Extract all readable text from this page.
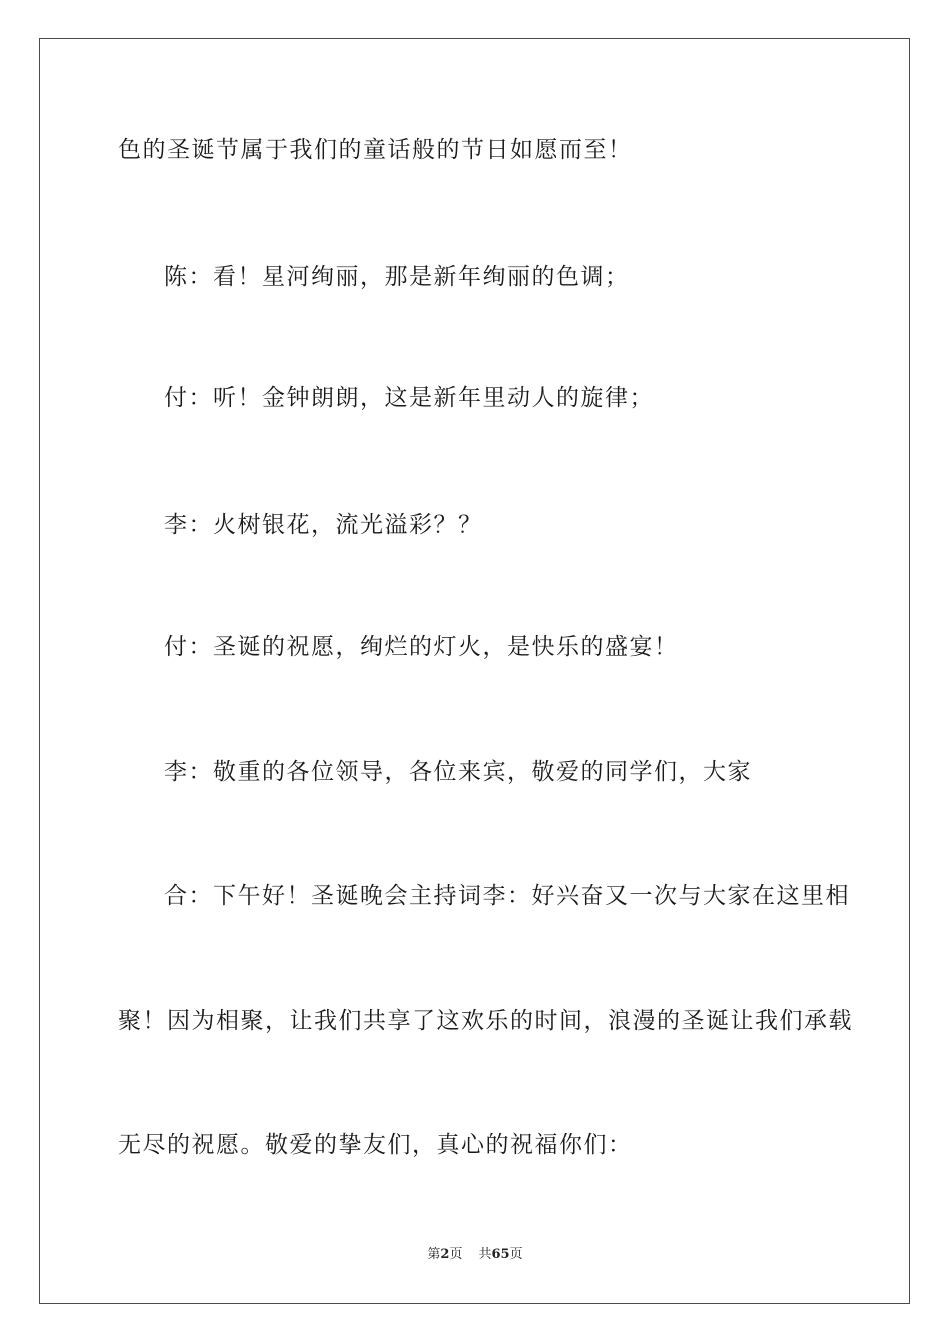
色的圣诞节属于我们的童话般的节日如愿而至！
陈：看！星河绚丽，那是新年绚丽的色调；
付：听！金钟朗朗，这是新年里动人的旋律；
李：火树银花，流光溢彩？？
付：圣诞的祝愿，绚烂的灯火，是快乐的盛宴！
李：敬重的各位领导，各位来宾，敬爱的同学们，大家
合：下午好！圣诞晚会主持词李：好兴奋又一次与大家在这里相
聚！因为相聚，让我们共享了这欢乐的时间，浪漫的圣诞让我们承载
无尽的祝愿。敬爱的挚友们，真心的祝福你们：
第2页 共65页
